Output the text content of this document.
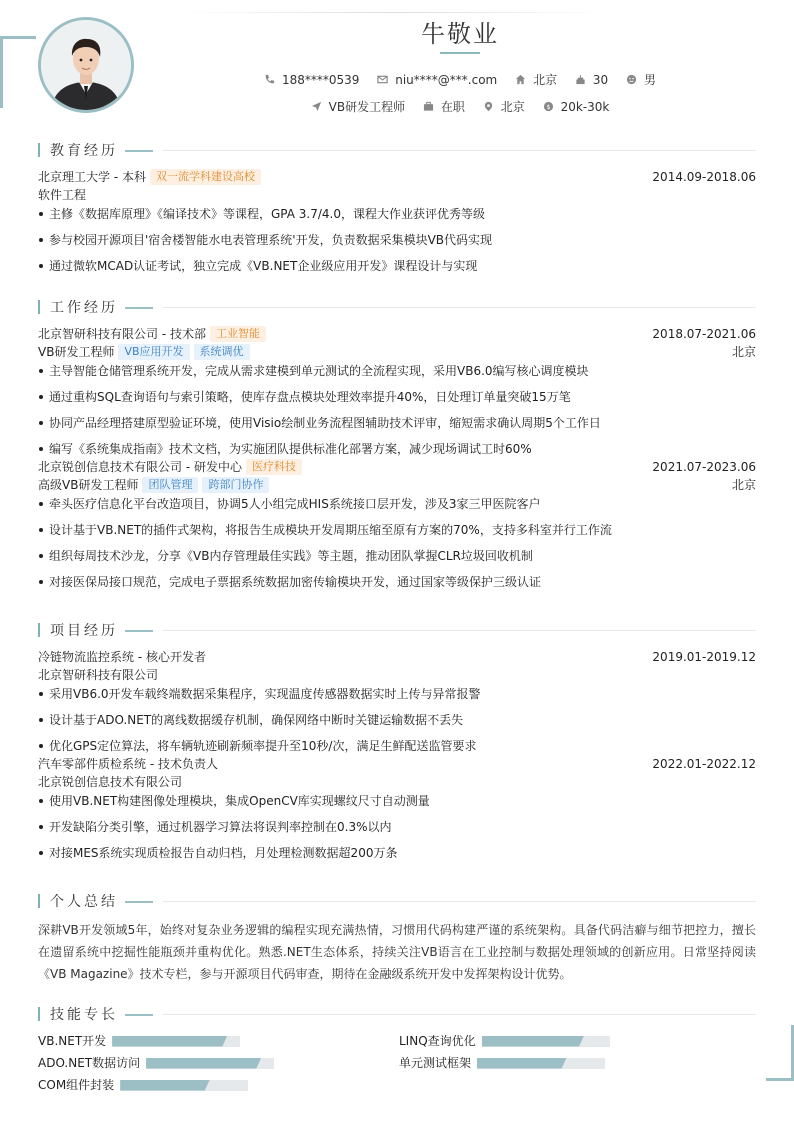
牛敬业
188****0539
	niu****@***.com
	北京
	30
	男
VB研发工程师
	在职
	北京
	$ 20k-30k
教育经历
北京理工大学 - 本科 双一流学科建设高校	2014.09-2018.06
软件工程
主修《数据库原理》《编译技术》等课程，GPA 3.7/4.0，课程大作业获评优秀等级
参与校园开源项目'宿舍楼智能水电表管理系统'开发，负责数据采集模块VB代码实现
通过微软MCAD认证考试，独立完成《VB.NET企业级应用开发》课程设计与实现
工作经历
北京智研科技有限公司 - 技术部 工业智能	2018.07-2021.06
VB研发工程师 VB应用开发 系统调优	北京
主导智能仓储管理系统开发，完成从需求建模到单元测试的全流程实现，采用VB6.0编写核心调度模块
通过重构SQL查询语句与索引策略，使库存盘点模块处理效率提升40%，日处理订单量突破15万笔
协同产品经理搭建原型验证环境，使用Visio绘制业务流程图辅助技术评审，缩短需求确认周期5个工作日
编写《系统集成指南》技术文档，为实施团队提供标准化部署方案，减少现场调试工时60%
北京锐创信息技术有限公司 - 研发中心 医疗科技	2021.07-2023.06
高级VB研发工程师 团队管理 跨部门协作	北京
牵头医疗信息化平台改造项目，协调5人小组完成HIS系统接口层开发，涉及3家三甲医院客户
设计基于VB.NET的插件式架构，将报告生成模块开发周期压缩至原有方案的70%，支持多科室并行工作流
组织每周技术沙龙，分享《VB内存管理最佳实践》等主题，推动团队掌握CLR垃圾回收机制
对接医保局接口规范，完成电子票据系统数据加密传输模块开发，通过国家等级保护三级认证
项目经历
冷链物流监控系统 - 核心开发者	2019.01-2019.12
北京智研科技有限公司
采用VB6.0开发车载终端数据采集程序，实现温度传感器数据实时上传与异常报警
设计基于ADO.NET的离线数据缓存机制，确保网络中断时关键运输数据不丢失
优化GPS定位算法，将车辆轨迹刷新频率提升至10秒/次，满足生鲜配送监管要求
汽车零部件质检系统 - 技术负责人	2022.01-2022.12
北京锐创信息技术有限公司
使用VB.NET构建图像处理模块，集成OpenCV库实现螺纹尺寸自动测量
开发缺陷分类引擎，通过机器学习算法将误判率控制在0.3%以内
对接MES系统实现质检报告自动归档，月处理检测数据超200万条
个人总结
深耕VB开发领域5年，始终对复杂业务逻辑的编程实现充满热情，习惯用代码构建严谨的系统架构。具备代码洁癖与细节把控力，擅长在遗留系统中挖掘性能瓶颈并重构优化。熟悉.NET生态体系，持续关注VB语言在工业控制与数据处理领域的创新应用。日常坚持阅读《VB Magazine》技术专栏，参与开源项目代码审查，期待在金融级系统开发中发挥架构设计优势。
技能专长
VB.NET开发	LINQ查询优化
ADO.NET数据访问	单元测试框架
COM组件封装
